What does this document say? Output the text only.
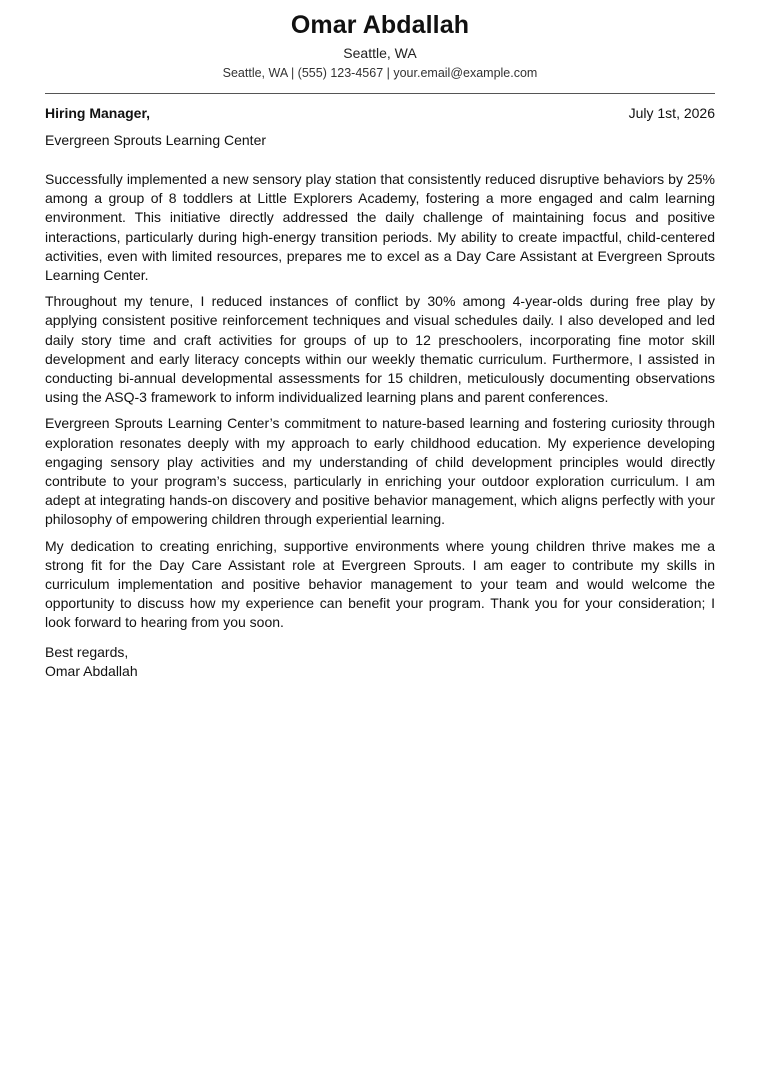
Omar Abdallah
Seattle, WA
Seattle, WA | (555) 123-4567 | your.email@example.com
Hiring Manager,	July 1st, 2026
Evergreen Sprouts Learning Center

Successfully implemented a new sensory play station that consistently reduced disruptive behaviors by 25% among a group of 8 toddlers at Little Explorers Academy, fostering a more engaged and calm learning environment. This initiative directly addressed the daily challenge of maintaining focus and positive interactions, particularly during high-energy transition periods. My ability to create impactful, child-centered activities, even with limited resources, prepares me to excel as a Day Care Assistant at Evergreen Sprouts Learning Center.

Throughout my tenure, I reduced instances of conflict by 30% among 4-year-olds during free play by applying consistent positive reinforcement techniques and visual schedules daily. I also developed and led daily story time and craft activities for groups of up to 12 preschoolers, incorporating fine motor skill development and early literacy concepts within our weekly thematic curriculum. Furthermore, I assisted in conducting bi-annual developmental assessments for 15 children, meticulously documenting observations using the ASQ-3 framework to inform individualized learning plans and parent conferences.

Evergreen Sprouts Learning Center’s commitment to nature-based learning and fostering curiosity through exploration resonates deeply with my approach to early childhood education. My experience developing engaging sensory play activities and my understanding of child development principles would directly contribute to your program’s success, particularly in enriching your outdoor exploration curriculum. I am adept at integrating hands-on discovery and positive behavior management, which aligns perfectly with your philosophy of empowering children through experiential learning.

My dedication to creating enriching, supportive environments where young children thrive makes me a strong fit for the Day Care Assistant role at Evergreen Sprouts. I am eager to contribute my skills in curriculum implementation and positive behavior management to your team and would welcome the opportunity to discuss how my experience can benefit your program. Thank you for your consideration; I look forward to hearing from you soon.

Best regards,
Omar Abdallah
